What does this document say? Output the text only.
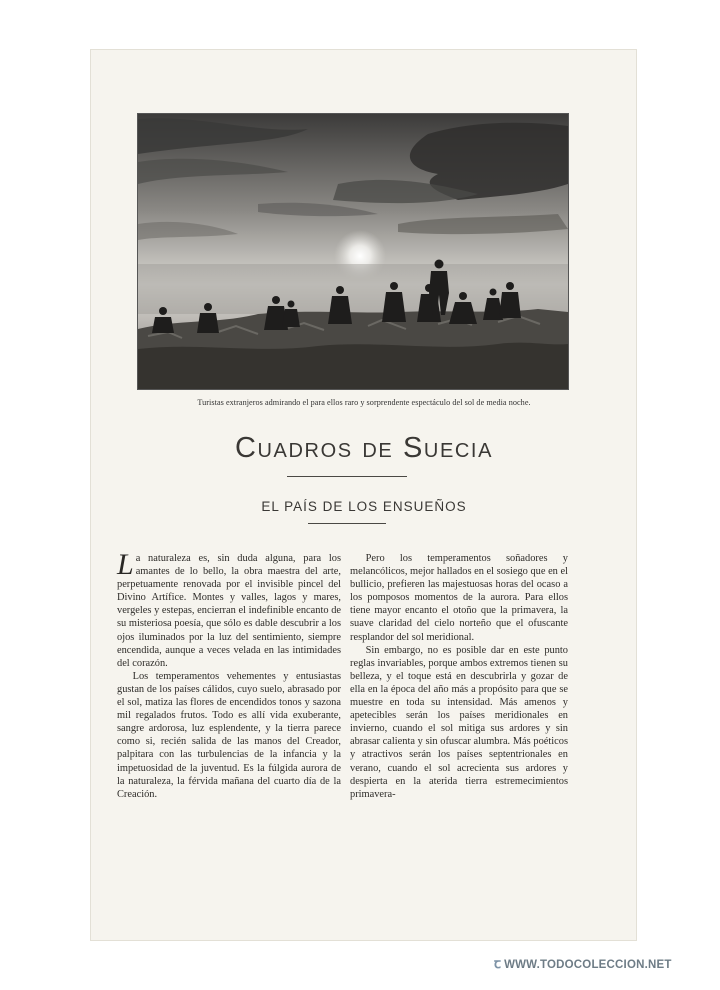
Turistas extranjeros admirando el para ellos raro y sorprendente espectáculo del sol de media noche.
Cuadros de Suecia
EL PAÍS DE LOS ENSUEÑOS

La naturaleza es, sin duda alguna, para los amantes de lo bello, la obra maestra del arte, perpetuamente renovada por el invisible pincel del Divino Artífice. Montes y valles, lagos y mares, vergeles y estepas, encierran el indefinible encanto de su misteriosa poesía, que sólo es dable descubrir a los ojos iluminados por la luz del sentimiento, siempre encendida, aunque a veces velada en las intimidades del corazón.

Los temperamentos vehementes y entusiastas gustan de los países cálidos, cuyo suelo, abrasado por el sol, matiza las flores de encendidos tonos y sazona mil regalados frutos. Todo es allí vida exuberante, sangre ardorosa, luz esplendente, y la tierra parece como si, recién salida de las manos del Creador, palpitara con las turbulencias de la infancia y la impetuosidad de la juventud. Es la fúlgida aurora de la naturaleza, la férvida mañana del cuarto día de la Creación.

Pero los temperamentos soñadores y melancólicos, mejor hallados en el sosiego que en el bullicio, prefieren las majestuosas horas del ocaso a los pomposos momentos de la aurora. Para ellos tiene mayor encanto el otoño que la primavera, la suave claridad del cielo norteño que el ofuscante resplandor del sol meridional.

Sin embargo, no es posible dar en este punto reglas invariables, porque ambos extremos tienen su belleza, y el toque está en descubrirla y gozar de ella en la época del año más a propósito para que se muestre en toda su intensidad. Más amenos y apetecibles serán los países meridionales en invierno, cuando el sol mitiga sus ardores y sin abrasar calienta y sin ofuscar alumbra. Más poéticos y atractivos serán los países septentrionales en verano, cuando el sol acrecienta sus ardores y despierta en la aterida tierra estremecimientos primavera-

ꞇ WWW.TODOCOLECCION.NET
